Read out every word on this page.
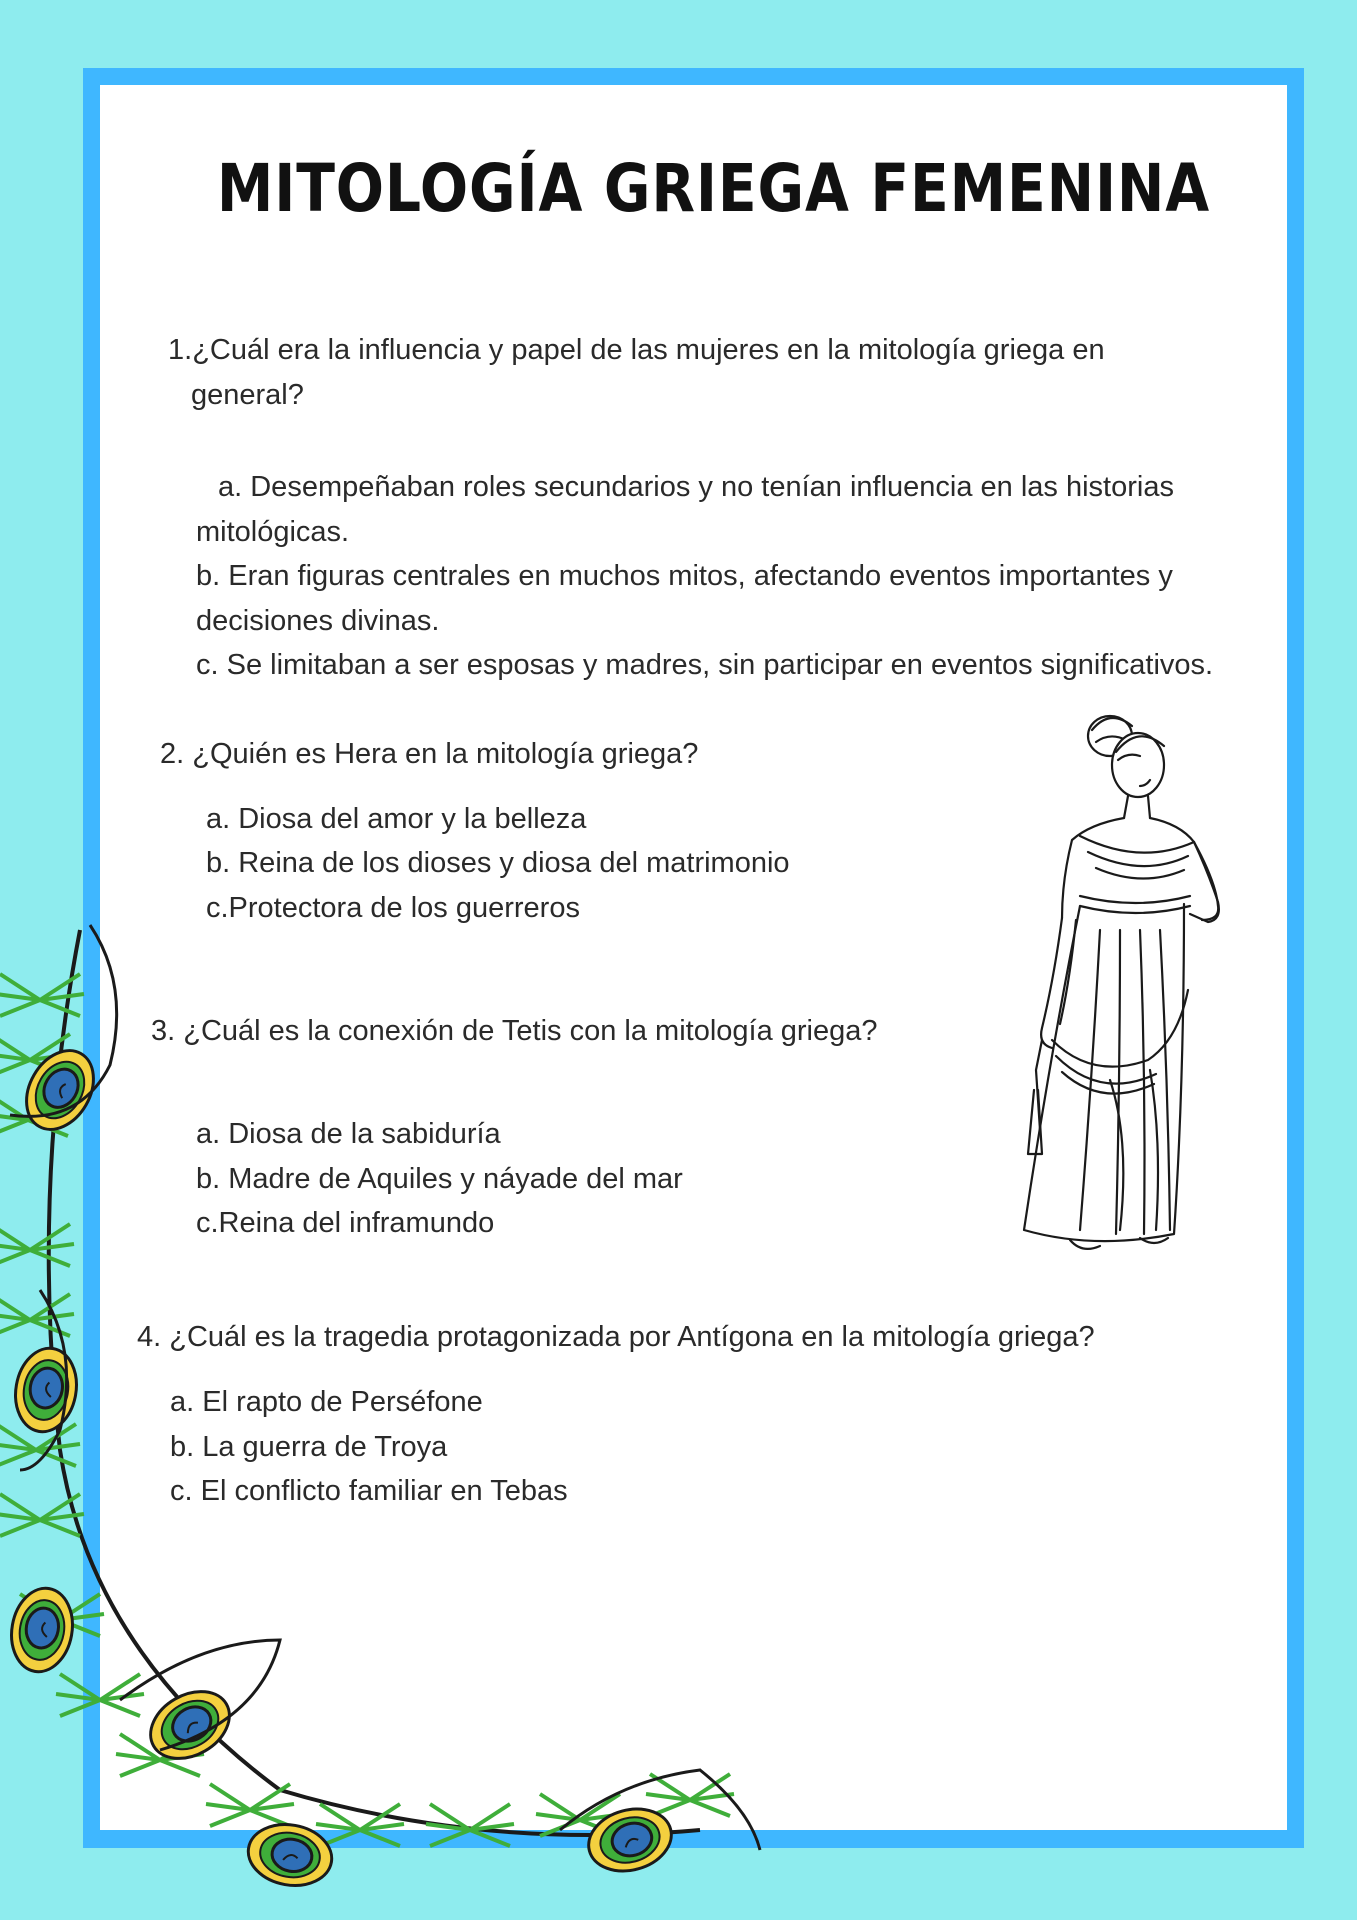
MITOLOGÍA GRIEGA FEMENINA

1.¿Cuál era la influencia y papel de las mujeres en la mitología griega en

general?

a. Desempeñaban roles secundarios y no tenían influencia en las historias

mitológicas.

b. Eran figuras centrales en muchos mitos, afectando eventos importantes y

decisiones divinas.

c. Se limitaban a ser esposas y madres, sin participar en eventos significativos.

2. ¿Quién es Hera en la mitología griega?

a. Diosa del amor y la belleza

b. Reina de los dioses y diosa del matrimonio

c.Protectora de los guerreros

3. ¿Cuál es la conexión de Tetis con la mitología griega?

a. Diosa de la sabiduría

b. Madre de Aquiles y náyade del mar

c.Reina del inframundo

4. ¿Cuál es la tragedia protagonizada por Antígona en la mitología griega?

a. El rapto de Perséfone

b. La guerra de Troya

c. El conflicto familiar en Tebas
